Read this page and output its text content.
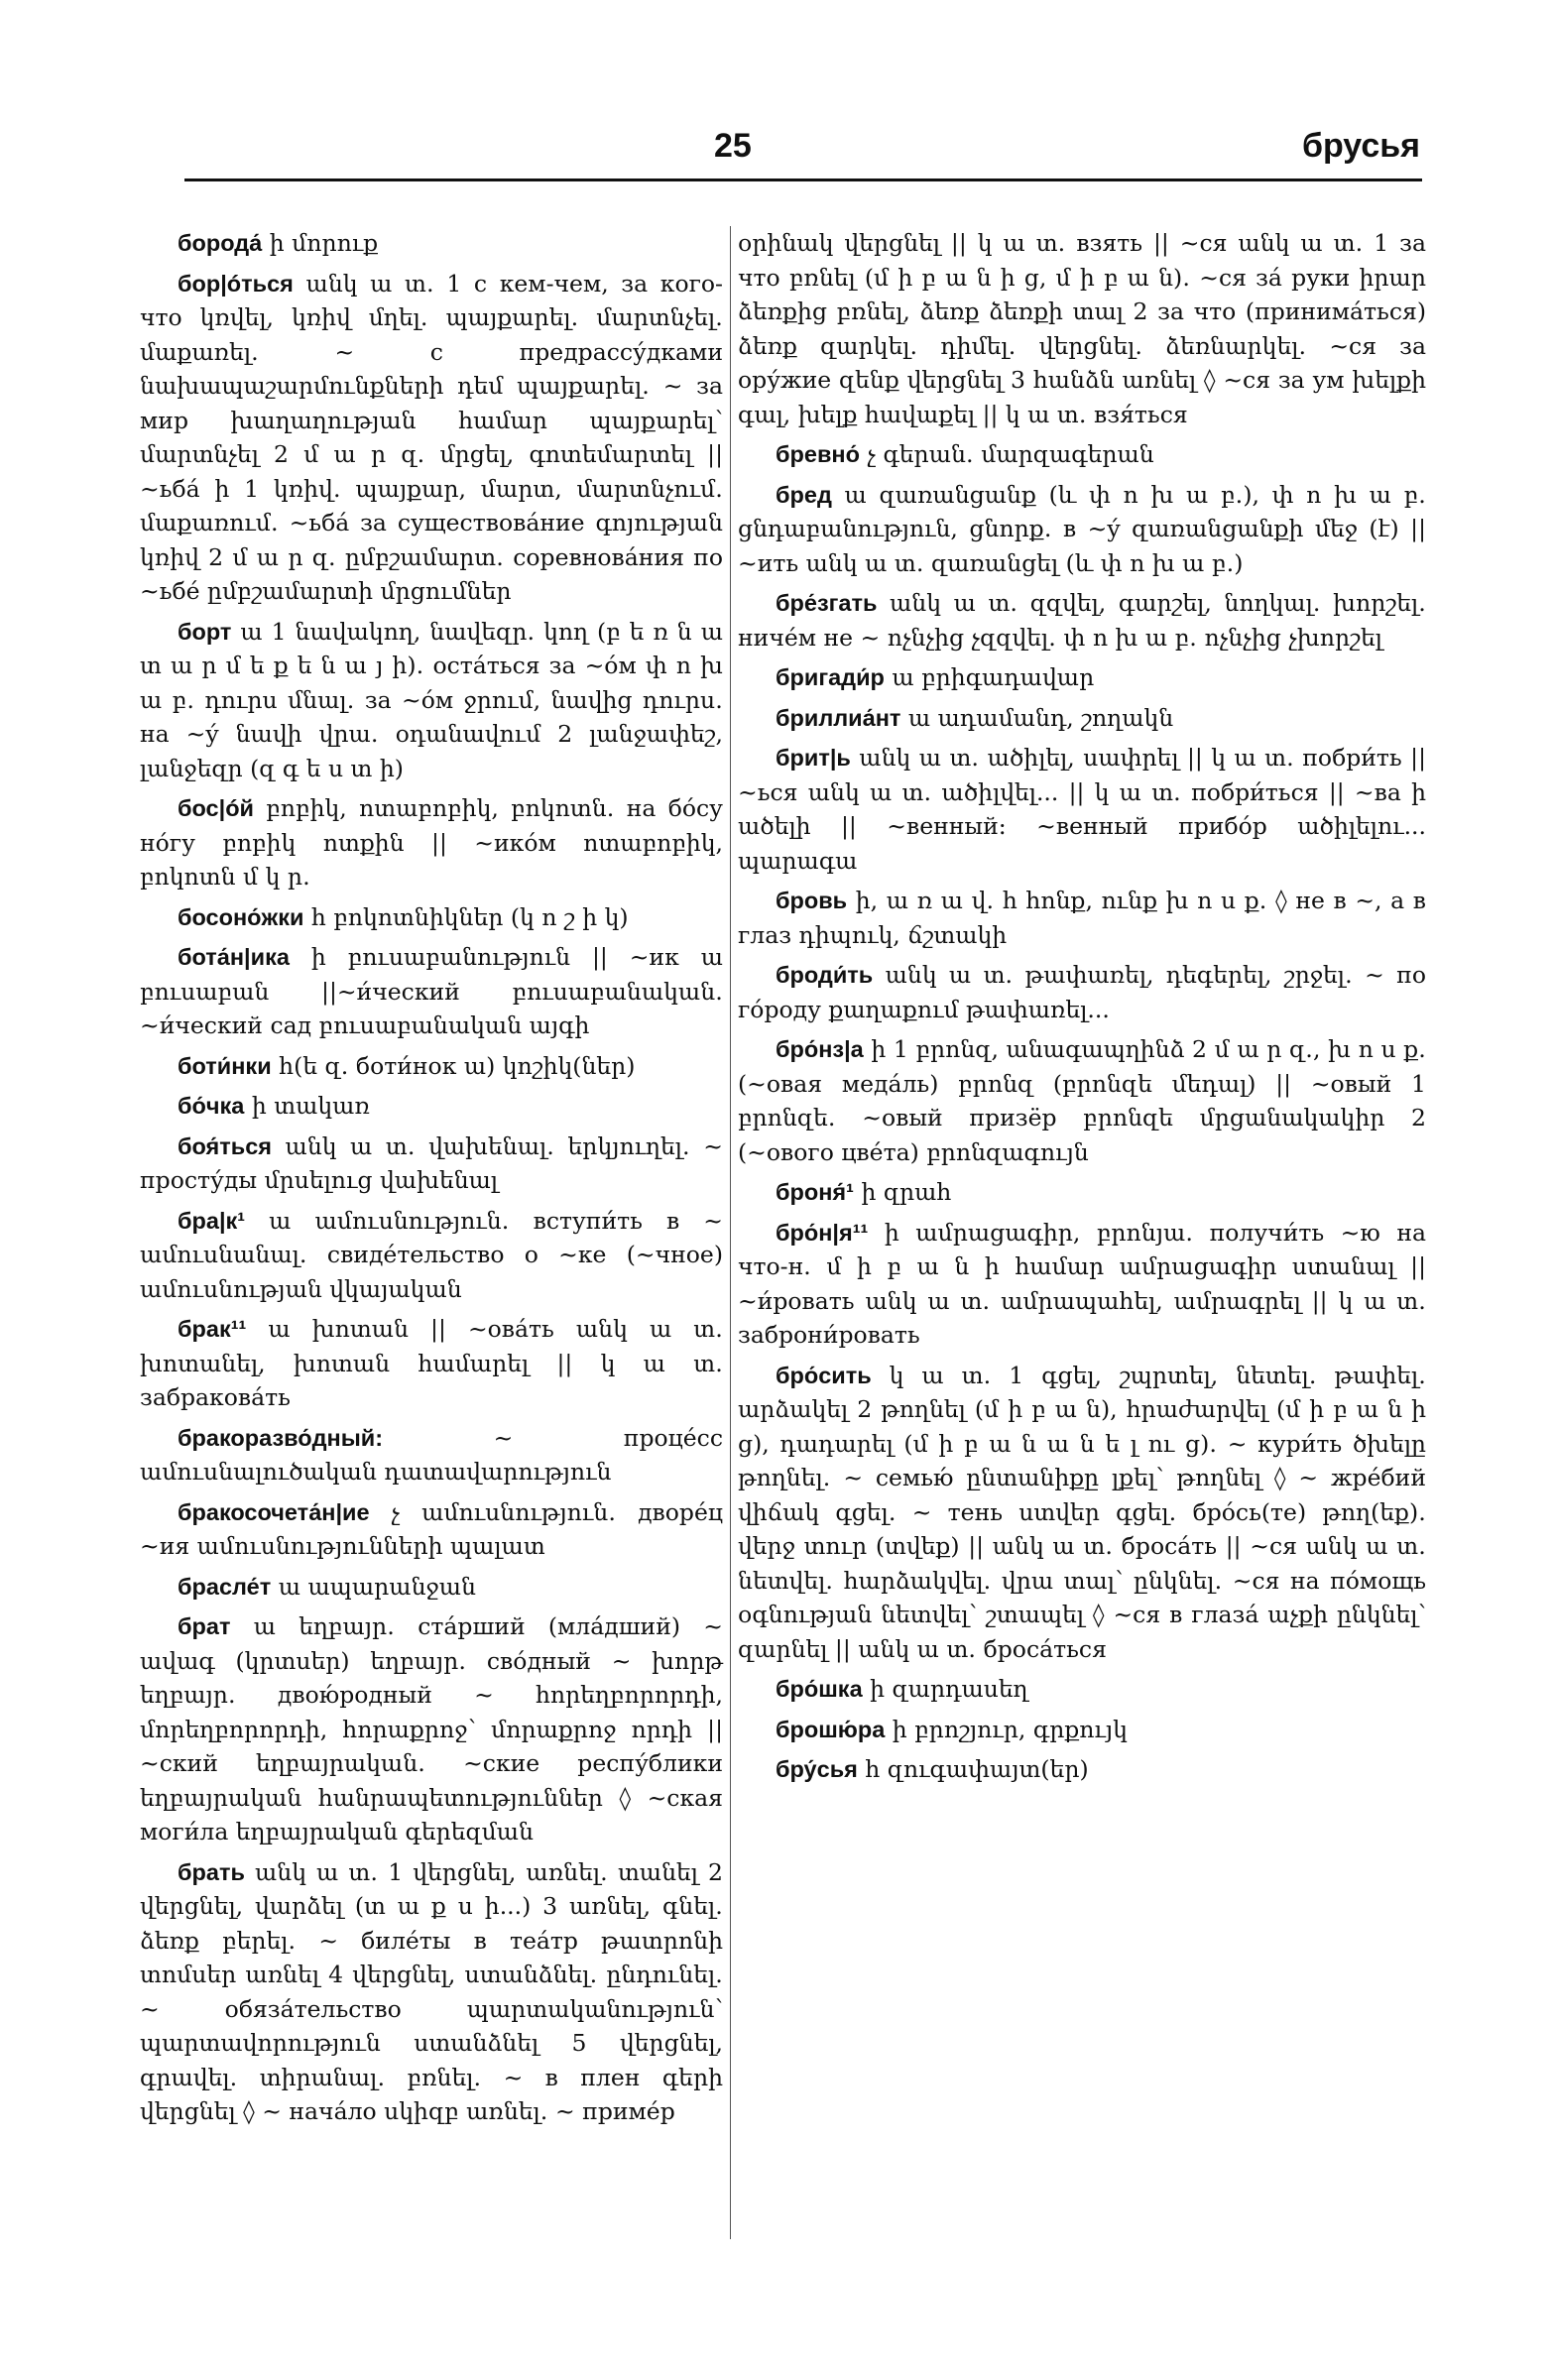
25	брусья

борода́ ի մորուք

бор|óться անկ ա տ․ 1 с кем-чем, за кого-что կռվել, կռիվ մղել․ պայքարել․ մարտնչել․ մաքառել․ ~ с предрассу́дками նախապաշարմունքների դեմ պայքարել․ ~ за мир խաղաղության համար պայքարել՝ մարտնչել 2 մ ա ր զ․ մրցել, գոտեմարտել || ~ьба́ ի 1 կռիվ․ պայքար, մարտ, մարտնչում․ մաքառում․ ~ьба́ за существова́ние գոյության կռիվ 2 մ ա ր զ․ ըմբշամարտ․ соревнова́ния по ~ьбе́ ըմբշամարտի մրցումներ

борт ա 1 նավակող, նավեզր․ կող (բ ե ռ ն ա տ ա ր մ ե ք ե ն ա յ ի)․ оста́ться за ~óм փ ո խ ա բ․ դուրս մնալ․ за ~óм ջրում, նավից դուրս․ на ~ý նավի վրա․ օդանավում 2 լանջափեշ, լանջեզր (զ գ ե ս տ ի)

бос|óй բոբիկ, ոտաբոբիկ, բոկոտն․ на бóсу нóгу բոբիկ ոտքին || ~ико́м ոտաբոբիկ, բոկոտն մ կ ր․

босоно́жки հ բոկոտնիկներ (կ ո շ ի կ)

бота́н|ика ի բուսաբանություն || ~ик ա բուսաբան ||~и́ческий բուսաբանական․ ~и́ческий сад բուսաբանական այգի

боти́нки հ(ե զ․ боти́нок ա) կոշիկ(ներ)

бо́чка ի տակառ

боя́ться անկ ա տ․ վախենալ․ երկյուղել․ ~ просту́ды մրսելուց վախենալ

бра|к¹ ա ամուսնություն․ вступи́ть в ~ ամուսնանալ․ свиде́тельство о ~ке (~чное) ամուսնության վկայական

брак¹¹ ա խոտան || ~ова́ть անկ ա տ․ խոտանել, խոտան համարել || կ ա տ․ забракова́ть

бракоразво́дный: ~ проце́сс ամուսնալուծական դատավարություն

бракосочета́н|ие չ ամուսնություն․ дворе́ц ~ия ամուսնությունների պալատ

брасле́т ա ապարանջան

брат ա եղբայր․ ста́рший (мла́дший) ~ ավագ (կրտսեր) եղբայր․ сво́дный ~ խորթ եղբայր․ двою́родный ~ հորեղբորորդի, մորեղբորորդի, հորաքրոջ՝ մորաքրոջ որդի || ~ский եղբայրական․ ~ские респу́блики եղբայրական հանրապետություններ ◊ ~ская моги́ла եղբայրական գերեզման

брать անկ ա տ․ 1 վերցնել, առնել․ տանել 2 վերցնել, վարձել (տ ա ք ս ի...) 3 առնել, գնել․ ձեռք բերել․ ~ биле́ты в теа́тр թատրոնի տոմսեր առնել 4 վերցնել, ստանձնել․ ընդունել․ ~ обяза́тельство պարտականություն՝ պարտավորություն ստանձնել 5 վերցնել, գրավել․ տիրանալ․ բռնել․ ~ в плен գերի վերցնել ◊ ~ нача́ло սկիզբ առնել․ ~ приме́р

օրինակ վերցնել || կ ա տ․ взять || ~ся անկ ա տ․ 1 за что բռնել (մ ի բ ա ն ի ց, մ ի բ ա ն)․ ~ся за́ руки իրար ձեռքից բռնել, ձեռք ձեռքի տալ 2 за что (принима́ться) ձեռք զարկել․ դիմել․ վերցնել․ ձեռնարկել․ ~ся за ору́жие զենք վերցնել 3 հանձն առնել ◊ ~ся за ум խելքի գալ, խելք հավաքել || կ ա տ․ взя́ться

бревно́ չ գերան․ մարզագերան

бред ա զառանցանք (և փ ո խ ա բ․), փ ո խ ա բ․ ցնդաբանություն, ցնորք․ в ~ý զառանցանքի մեջ (է) || ~ить անկ ա տ․ զառանցել (և փ ո խ ա բ․)

бре́згать անկ ա տ․ զզվել, գարշել, նողկալ․ խորշել․ ниче́м не ~ ոչնչից չզզվել․ փ ո խ ա բ․ ոչնչից չխորշել

бригади́р ա բրիգադավար

бриллиа́нт ա ադամանդ, շողակն

брит|ь անկ ա տ․ ածիլել, սափրել || կ ա տ․ побри́ть || ~ься անկ ա տ․ ածիլվել... || կ ա տ․ побри́ться || ~ва ի ածելի || ~венный: ~венный прибо́р ածիլելու... պարագա

бровь ի, ա ռ ա վ․ հ հոնք, ունք խ ո ս ք․ ◊ не в ~, а в глаз դիպուկ, ճշտակի

броди́ть անկ ա տ․ թափառել, դեգերել, շրջել․ ~ по го́роду քաղաքում թափառել...

бро́нз|а ի 1 բրոնզ, անագապղինձ 2 մ ա ր զ․, խ ո ս ք․ (~овая меда́ль) բրոնզ (բրոնզե մեդալ) || ~овый 1 բրոնզե․ ~овый призёр բրոնզե մրցանակակիր 2 (~ового цве́та) բրոնզագույն

броня́¹ ի զրահ

бро́н|я¹¹ ի ամրացագիր, բրոնյա․ получи́ть ~ю на что-н. մ ի բ ա ն ի համար ամրացագիր ստանալ || ~и́ровать անկ ա տ․ ամրապահել, ամրագրել || կ ա տ․ заброни́ровать

бро́сить կ ա տ․ 1 գցել, շպրտել, նետել․ թափել․ արձակել 2 թողնել (մ ի բ ա ն), հրաժարվել (մ ի բ ա ն ի ց), դադարել (մ ի բ ա ն ա ն ե լ ու ց)․ ~ кури́ть ծխելը թողնել․ ~ семью́ ընտանիքը լքել՝ թողնել ◊ ~ жре́бий վիճակ գցել․ ~ тень ստվեր գցել․ бро́сь(те) թող(եք)․ վերջ տուր (տվեք) || անկ ա տ․ броса́ть || ~ся անկ ա տ․ նետվել․ հարձակվել․ վրա տալ՝ ընկնել․ ~ся на по́мощь օգնության նետվել՝ շտապել ◊ ~ся в глаза́ աչքի ընկնել՝ զարնել || անկ ա տ․ броса́ться

бро́шка ի զարդասեղ

брошю́ра ի բրոշյուր, գրքույկ

бру́сья հ զուգափայտ(եր)
